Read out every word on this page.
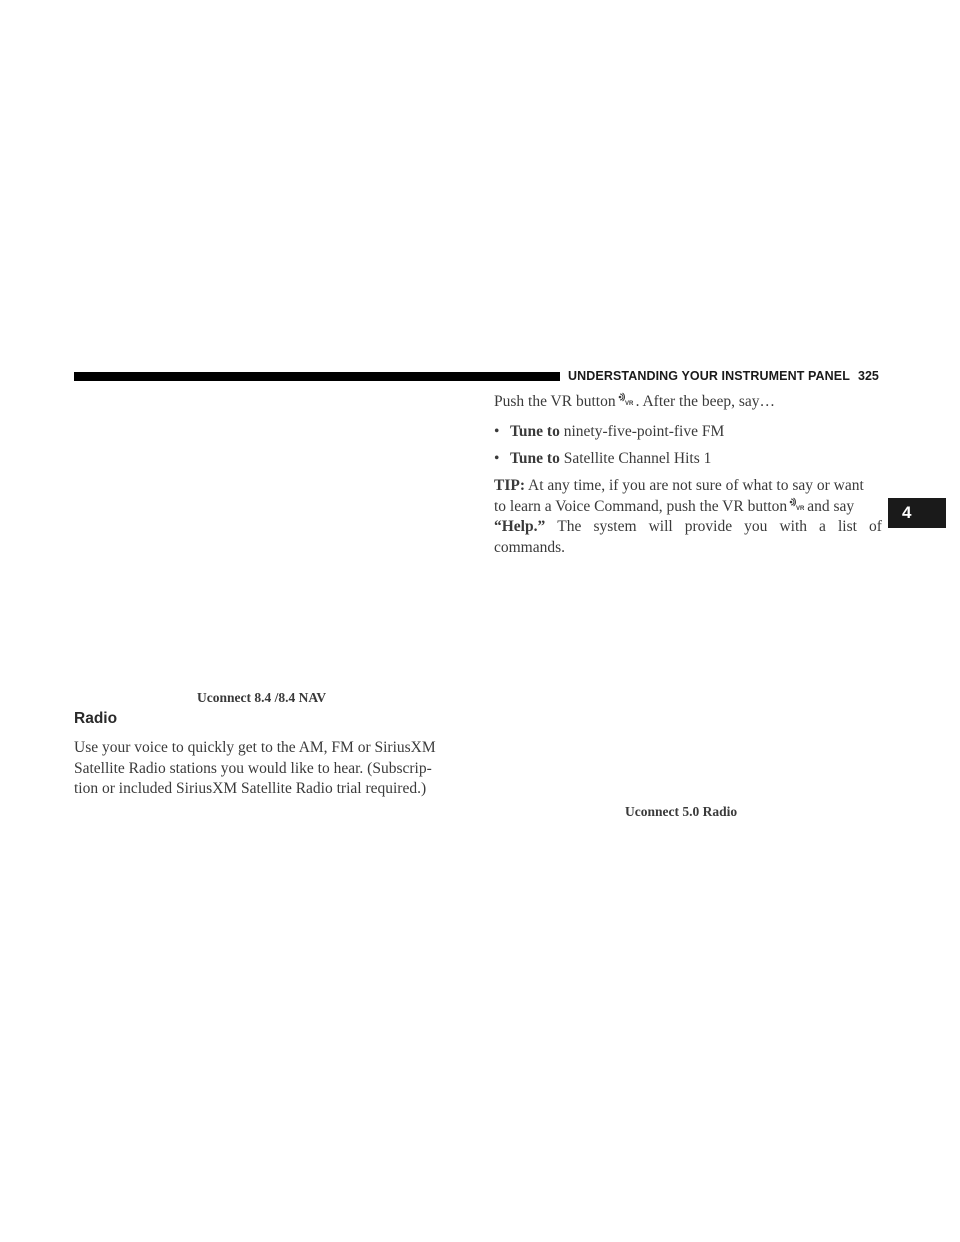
UNDERSTANDING YOUR INSTRUMENT PANEL 325
4
Uconnect 8.4 /8.4 NAV
Radio
Use your voice to quickly get to the AM, FM or SiriusXM
Satellite Radio stations you would like to hear. (Subscrip-
tion or included SiriusXM Satellite Radio trial required.)
Push the VR button VR . After the beep, say…
• Tune to ninety-five-point-five FM
• Tune to Satellite Channel Hits 1
TIP: At any time, if you are not sure of what to say or want
to learn a Voice Command, push the VR button VR and say
“Help.” The system will provide you with a list of
commands.
Uconnect 5.0 Radio
